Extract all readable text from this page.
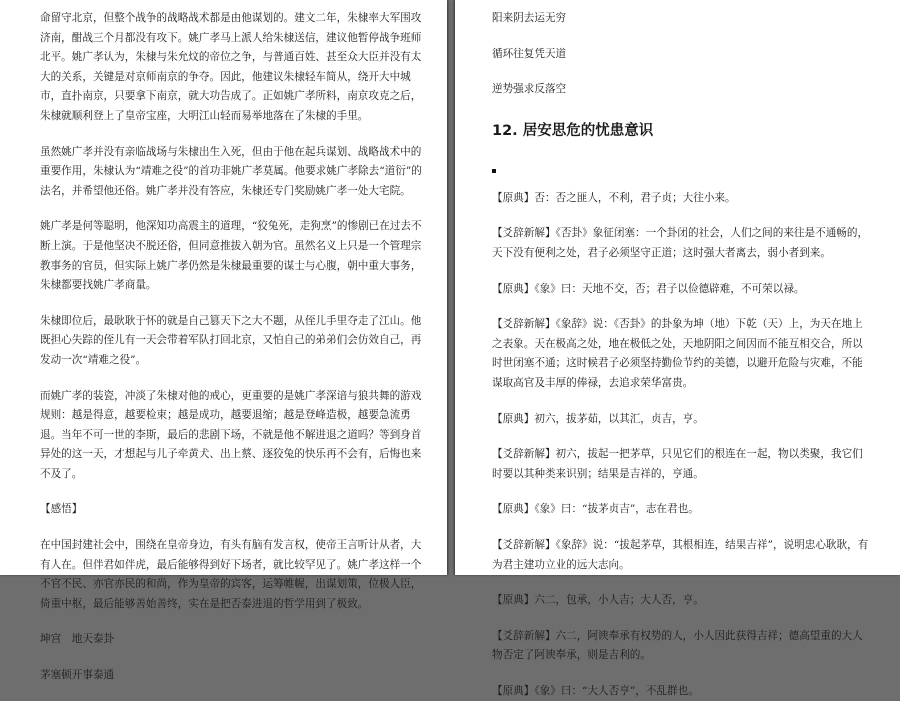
命留守北京，但整个战争的战略战术都是由他谋划的。建文二年，朱棣率大军围攻济南，酣战三个月都没有攻下。姚广孝马上派人给朱棣送信，建议他暂停战争班师北平。姚广孝认为，朱棣与朱允炆的帝位之争，与普通百姓、甚至众大臣并没有太大的关系，关键是对京师南京的争夺。因此，他建议朱棣轻车简从，绕开大中城市，直扑南京，只要拿下南京，就大功告成了。正如姚广孝所料，南京攻克之后，朱棣就顺利登上了皇帝宝座，大明江山轻而易举地落在了朱棣的手里。

虽然姚广孝并没有亲临战场与朱棣出生入死，但由于他在起兵谋划、战略战术中的重要作用，朱棣认为“靖难之役”的首功非姚广孝莫属。他要求姚广孝除去“道衍”的法名，并希望他还俗。姚广孝并没有答应，朱棣还专门奖励姚广孝一处大宅院。

姚广孝是何等聪明，他深知功高震主的道理，“狡兔死，走狗烹”的惨剧已在过去不断上演。于是他坚决不脱还俗，但同意推拔入朝为官。虽然名义上只是一个管理宗教事务的官员，但实际上姚广孝仍然是朱棣最重要的谋士与心腹，朝中重大事务，朱棣都要找姚广孝商量。

朱棣即位后，最耿耿于怀的就是自己篡天下之大不题，从侄儿手里夺走了江山。他既担心失踪的侄儿有一天会带着军队打回北京，又怕自己的弟弟们会仿效自己，再发动一次“靖难之役”。

而姚广孝的装瓷，冲淡了朱棣对他的戒心，更重要的是姚广孝深谙与狼共舞的游戏规则：越是得意，越要检束；越是成功，越要退缩；越是登峰造极，越要急流勇退。当年不可一世的李斯，最后的悲剧下场，不就是他不解进退之道吗？等到身首异处的这一天，才想起与儿子牵黄犬、出上蔡、逐狡兔的快乐再不会有，后悔也来不及了。

【感悟】

在中国封建社会中，围绕在皇帝身边，有头有脑有发言权，使帝王言听计从者，大有人在。但伴君如伴虎，最后能够得到好下场者，就比较罕见了。姚广孝这样一个不官不民、亦官亦民的和尚，作为皇帝的宾客，运筹帷幄，出谋划策，位极人臣，倚重中枢，最后能够善始善终，实在是把否泰进退的哲学用到了极致。

坤宫　地天泰卦

茅塞顿开事泰通

阳来阴去运无穷

循环往复凭天道

逆势强求反落空

12. 居安思危的忧患意识

【原典】否：否之匪人，不利，君子贞；大往小来。

【爻辞新解】《否卦》象征闭塞：一个卦闭的社会，人们之间的来往是不通畅的，天下没有便利之处，君子必须坚守正道；这时强大者离去，弱小者到来。

【原典】《象》曰：天地不交，否；君子以俭德辟难，不可荣以禄。

【爻辞新解】《象辞》说：《否卦》的卦象为坤（地）下乾（天）上，为天在地上之表象。天在极高之处，地在极低之处，天地阴阳之间因而不能互相交合，所以时世闭塞不通；这时候君子必须坚持勤俭节约的美德，以避开危险与灾难，不能谋取高官及丰厚的俸禄，去追求荣华富贵。

【原典】初六，拔茅茹，以其汇，贞吉，亨。

【爻辞新解】初六，拔起一把茅草，只见它们的根连在一起，物以类聚，我它们时要以其种类来识别；结果是吉祥的，亨通。

【原典】《象》曰：“拔茅贞吉”，志在君也。

【爻辞新解】《象辞》说：“拔起茅草，其根相连，结果吉祥”，说明忠心耿耿，有为君主建功立业的远大志向。

【原典】六二，包承，小人吉；大人否，亨。

【爻辞新解】六二，阿谀奉承有权势的人，小人因此获得吉祥；德高望重的大人物否定了阿谀奉承，则是吉利的。

【原典】《象》曰：“大人否亨”，不乱群也。
